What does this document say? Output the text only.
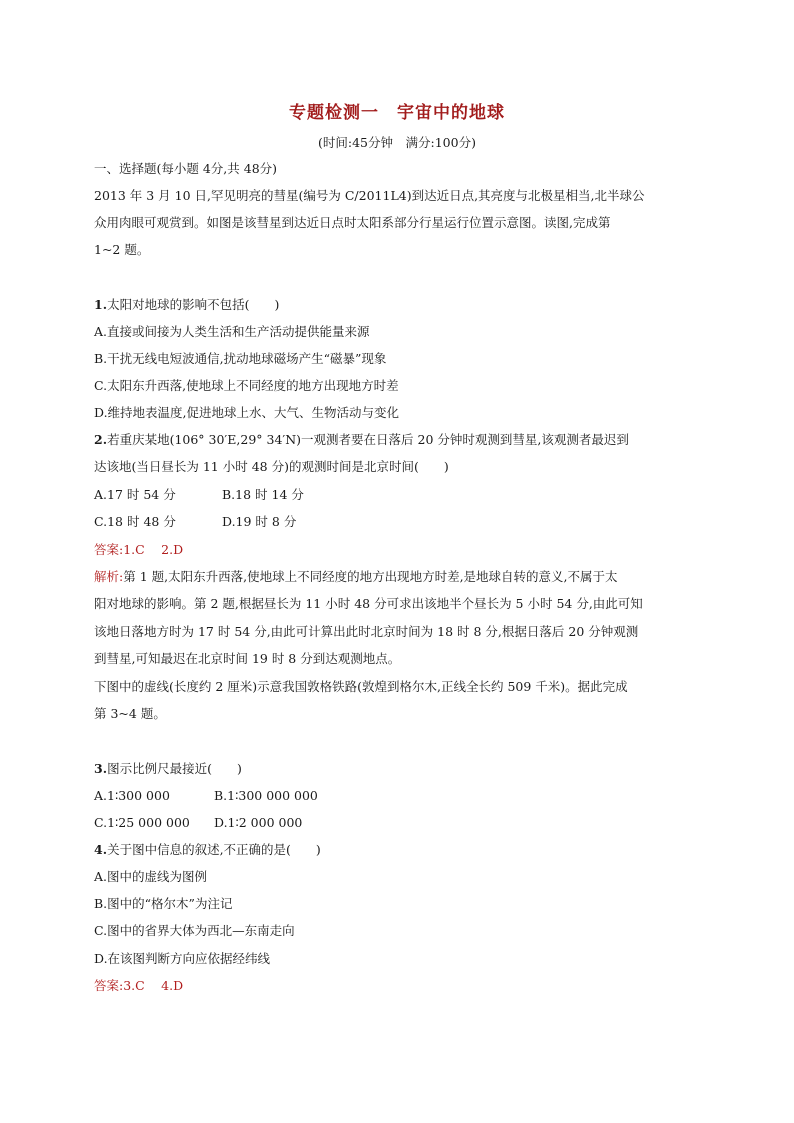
专题检测一　宇宙中的地球
(时间:45分钟　满分:100分)
一、选择题(每小题 4分,共 48分)
2013 年 3 月 10 日,罕见明亮的彗星(编号为 C/2011L4)到达近日点,其亮度与北极星相当,北半球公
众用肉眼可观赏到。如图是该彗星到达近日点时太阳系部分行星运行位置示意图。读图,完成第
1~2 题。
1.太阳对地球的影响不包括(　　)
A.直接或间接为人类生活和生产活动提供能量来源
B.干扰无线电短波通信,扰动地球磁场产生“磁暴”现象
C.太阳东升西落,使地球上不同经度的地方出现地方时差
D.维持地表温度,促进地球上水、大气、生物活动与变化
2.若重庆某地(106° 30′E,29° 34′N)一观测者要在日落后 20 分钟时观测到彗星,该观测者最迟到
达该地(当日昼长为 11 小时 48 分)的观测时间是北京时间(　　)
A.17 时 54 分	B.18 时 14 分
C.18 时 48 分	D.19 时 8 分
答案:1.C　 2.D
解析:第 1 题,太阳东升西落,使地球上不同经度的地方出现地方时差,是地球自转的意义,不属于太
阳对地球的影响。第 2 题,根据昼长为 11 小时 48 分可求出该地半个昼长为 5 小时 54 分,由此可知
该地日落地方时为 17 时 54 分,由此可计算出此时北京时间为 18 时 8 分,根据日落后 20 分钟观测
到彗星,可知最迟在北京时间 19 时 8 分到达观测地点。
下图中的虚线(长度约 2 厘米)示意我国敦格铁路(敦煌到格尔木,正线全长约 509 千米)。据此完成
第 3~4 题。
3.图示比例尺最接近(　　)
A.1∶300 000	B.1∶300 000 000
C.1∶25 000 000 D.1∶2 000 000
4.关于图中信息的叙述,不正确的是(　　)
A.图中的虚线为图例
B.图中的“格尔木”为注记
C.图中的省界大体为西北—东南走向
D.在该图判断方向应依据经纬线
答案:3.C　 4.D
